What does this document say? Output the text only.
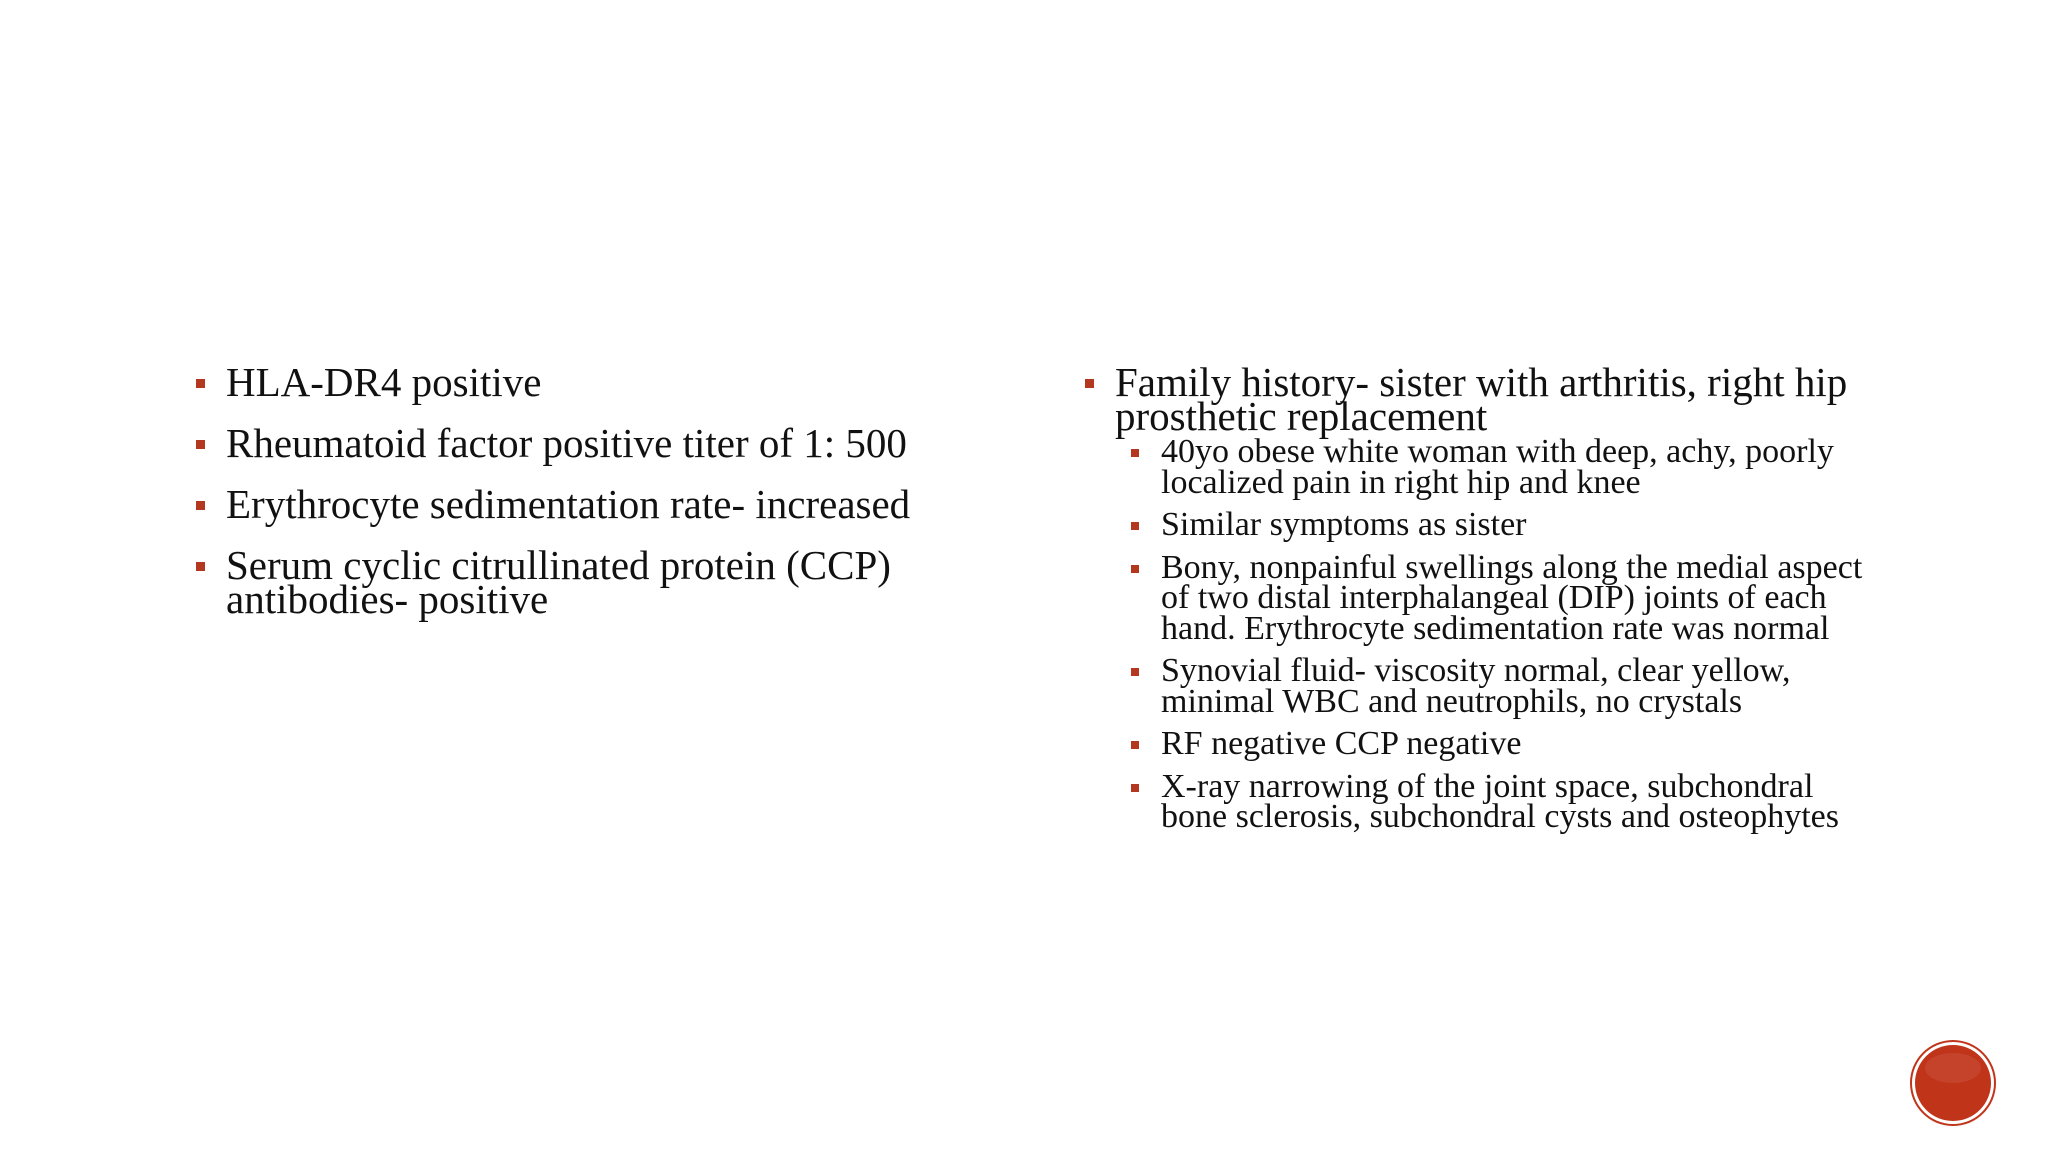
HLA-DR4 positive
Rheumatoid factor positive titer of 1: 500
Erythrocyte sedimentation rate- increased
Serum cyclic citrullinated protein (CCP) antibodies- positive
Family history- sister with arthritis, right hip prosthetic replacement
40yo obese white woman with deep, achy, poorly localized pain in right hip and knee
Similar symptoms as sister
Bony, nonpainful swellings along the medial aspect of two distal interphalangeal (DIP) joints of each hand. Erythrocyte sedimentation rate was normal
Synovial fluid- viscosity normal, clear yellow, minimal WBC and neutrophils, no crystals
RF negative CCP negative
X-ray narrowing of the joint space, subchondral bone sclerosis, subchondral cysts and osteophytes
